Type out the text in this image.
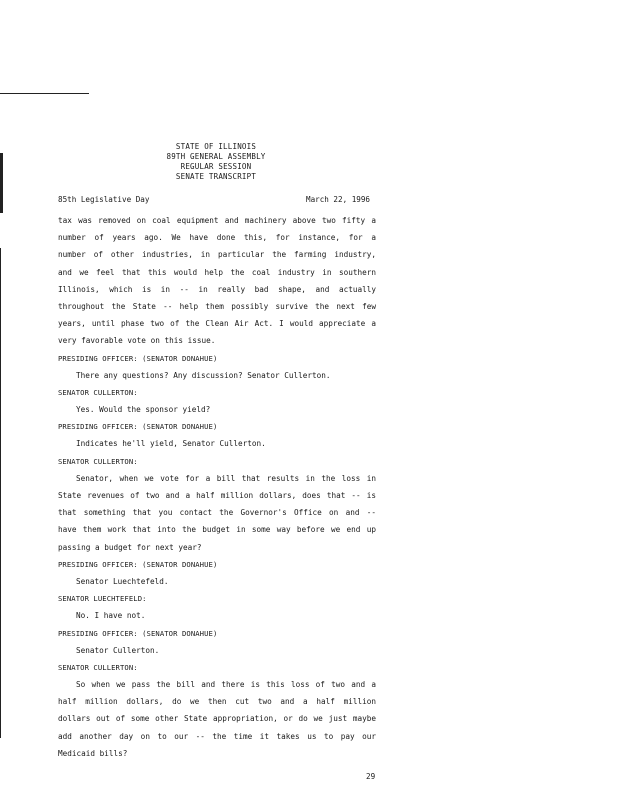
STATE OF ILLINOIS
89TH GENERAL ASSEMBLY
REGULAR SESSION
SENATE TRANSCRIPT
85th Legislative Day	March 22, 1996
tax was removed on coal equipment and machinery above two fifty a
number of years ago. We have done this, for instance, for a
number of other industries, in particular the farming industry,
and we feel that this would help the coal industry in southern
Illinois, which is in -- in really bad shape, and actually
throughout the State -- help them possibly survive the next few
years, until phase two of the Clean Air Act. I would appreciate a
very favorable vote on this issue.
PRESIDING OFFICER: (SENATOR DONAHUE)
There any questions? Any discussion? Senator Cullerton.
SENATOR CULLERTON:
Yes. Would the sponsor yield?
PRESIDING OFFICER: (SENATOR DONAHUE)
Indicates he'll yield, Senator Cullerton.
SENATOR CULLERTON:
Senator, when we vote for a bill that results in the loss in
State revenues of two and a half million dollars, does that -- is
that something that you contact the Governor's Office on and --
have them work that into the budget in some way before we end up
passing a budget for next year?
PRESIDING OFFICER: (SENATOR DONAHUE)
Senator Luechtefeld.
SENATOR LUECHTEFELD:
No. I have not.
PRESIDING OFFICER: (SENATOR DONAHUE)
Senator Cullerton.
SENATOR CULLERTON:
So when we pass the bill and there is this loss of two and a
half million dollars, do we then cut two and a half million
dollars out of some other State appropriation, or do we just maybe
add another day on to our -- the time it takes us to pay our
Medicaid bills?
29
